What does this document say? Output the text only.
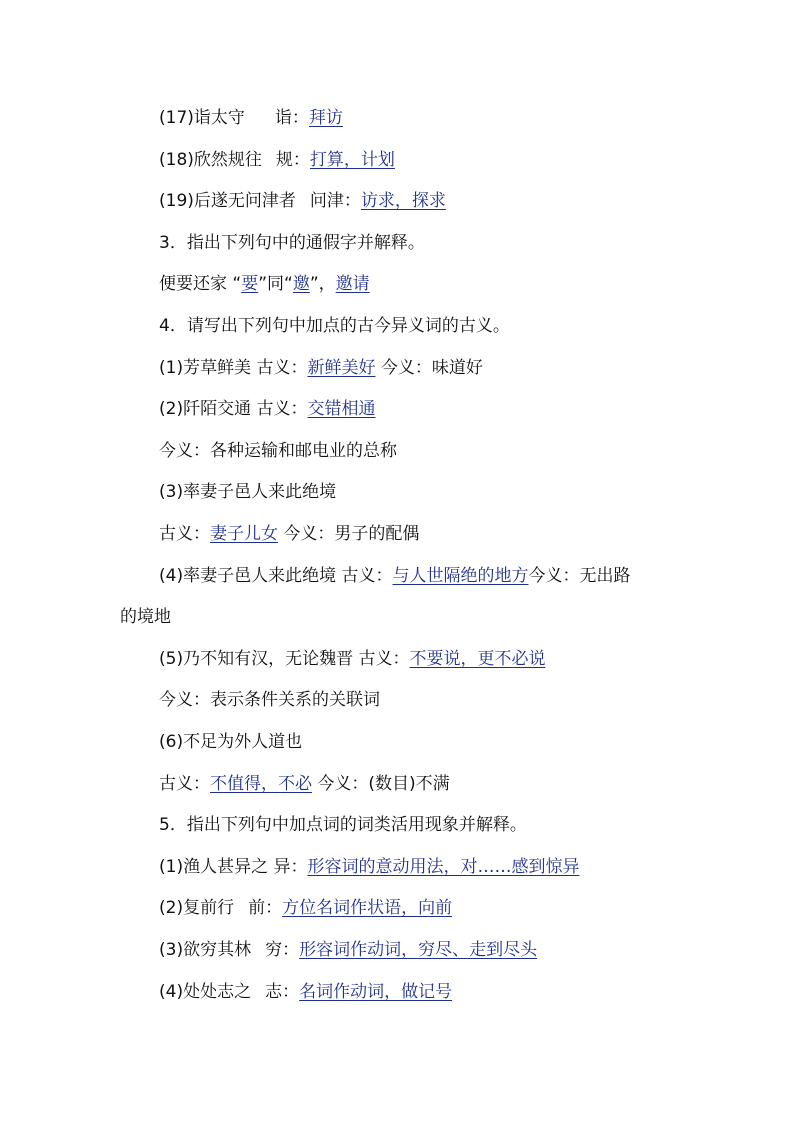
(17)诣太守 诣：拜访
(18)欣然规往 规：打算，计划
(19)后遂无问津者 问津：访求，探求
3．指出下列句中的通假字并解释。
便要还家 “要”同“邀”，邀请
4．请写出下列句中加点的古今异义词的古义。
(1)芳草鲜美 古义：新鲜美好 今义：味道好
(2)阡陌交通 古义：交错相通
今义：各种运输和邮电业的总称
(3)率妻子邑人来此绝境
古义：妻子儿女 今义：男子的配偶
(4)率妻子邑人来此绝境 古义：与人世隔绝的地方今义：无出路
的境地
(5)乃不知有汉，无论魏晋 古义：不要说，更不必说
今义：表示条件关系的关联词
(6)不足为外人道也
古义：不值得，不必 今义：(数目)不满
5．指出下列句中加点词的词类活用现象并解释。
(1)渔人甚异之 异：形容词的意动用法，对……感到惊异
(2)复前行 前：方位名词作状语，向前
(3)欲穷其林 穷：形容词作动词，穷尽、走到尽头
(4)处处志之 志：名词作动词，做记号
